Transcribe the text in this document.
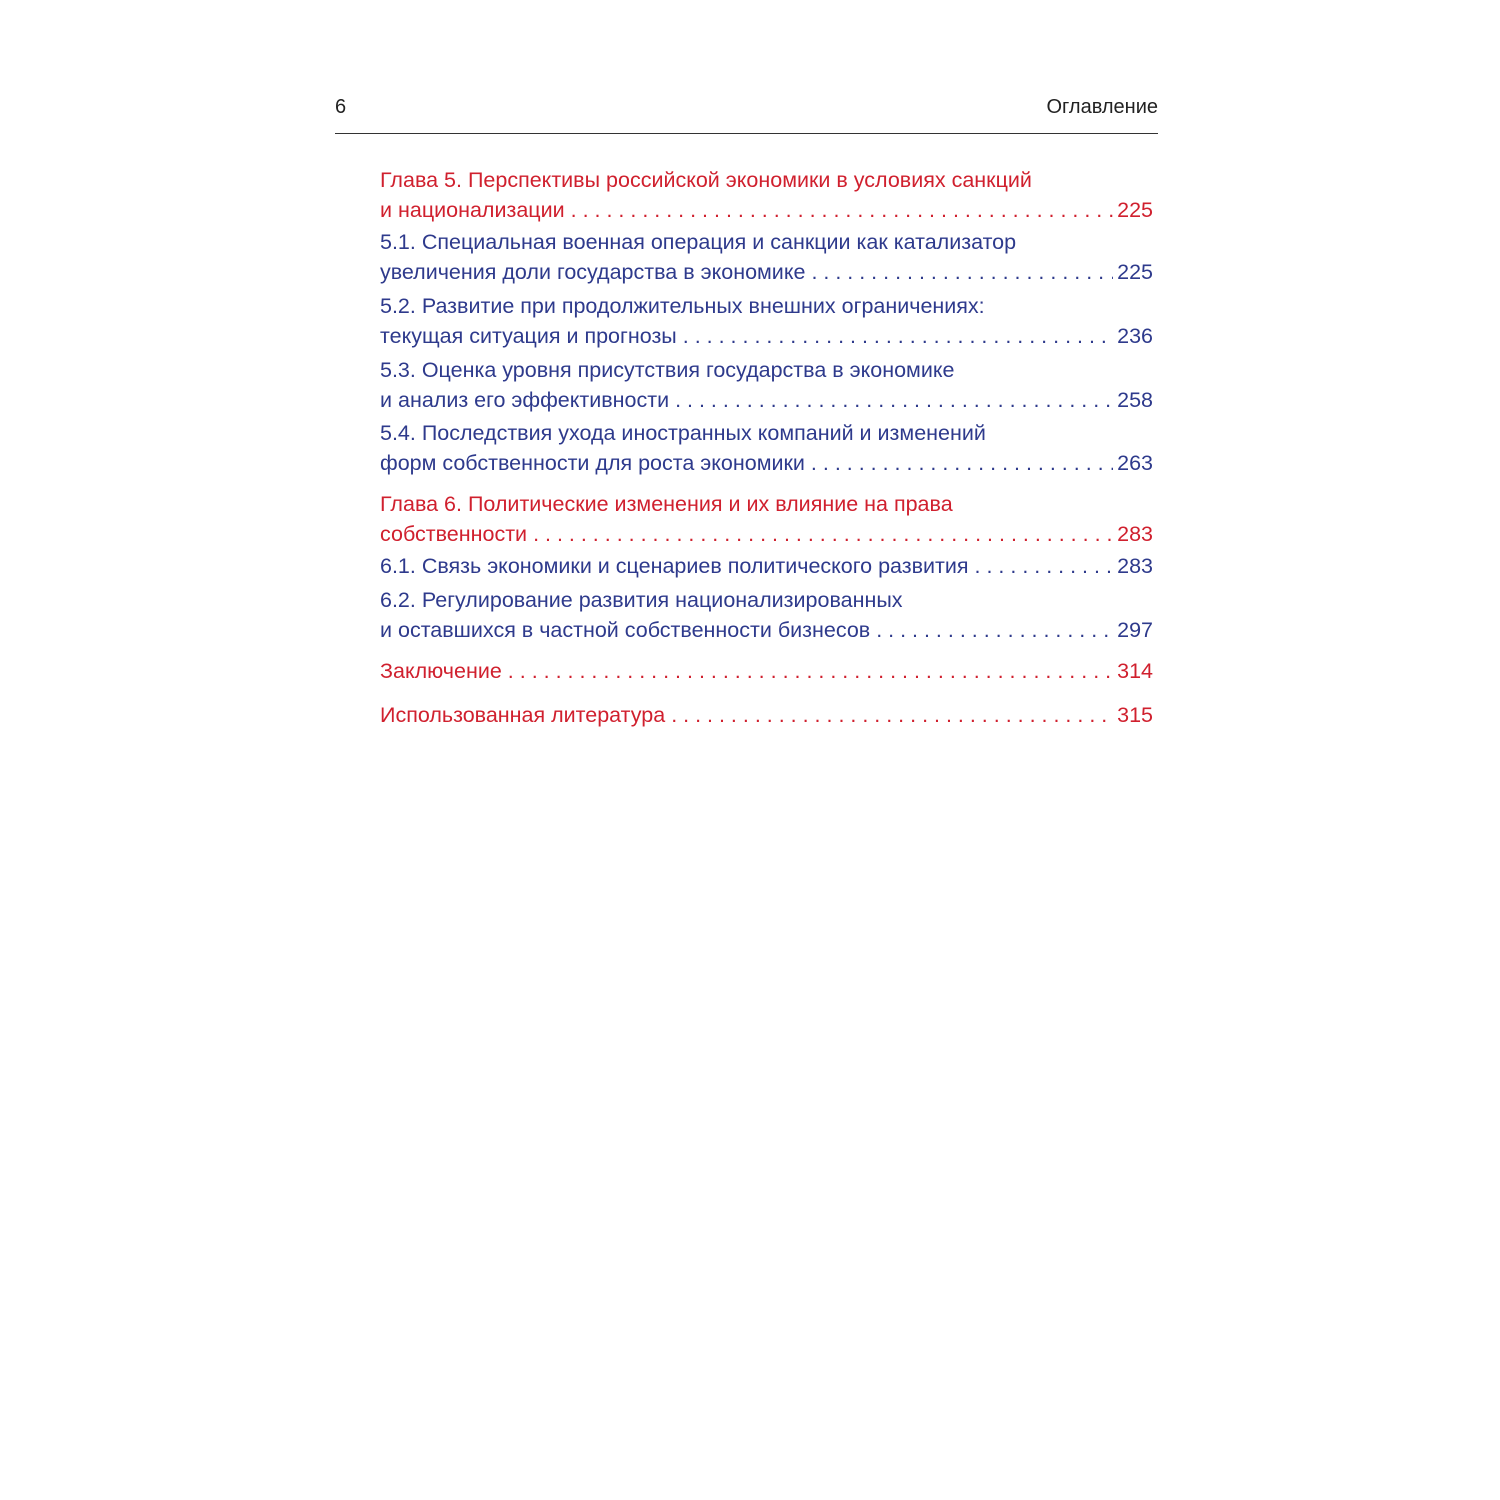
6	Оглавление
Глава 5. Перспективы российской экономики в условиях санкций
и национализации . . .	225
5.1. Специальная военная операция и санкции как катализатор
увеличения доли государства в экономике . . .	225
5.2. Развитие при продолжительных внешних ограничениях:
текущая ситуация и прогнозы . . .	236
5.3. Оценка уровня присутствия государства в экономике
и анализ его эффективности . . .	258
5.4. Последствия ухода иностранных компаний и изменений
форм собственности для роста экономики . . .	263
Глава 6. Политические изменения и их влияние на права
собственности . . .	283
6.1. Связь экономики и сценариев политического развития . . .	283
6.2. Регулирование развития национализированных
и оставшихся в частной собственности бизнесов . . .	297
Заключение . . .	314
Использованная литература . . .	315
